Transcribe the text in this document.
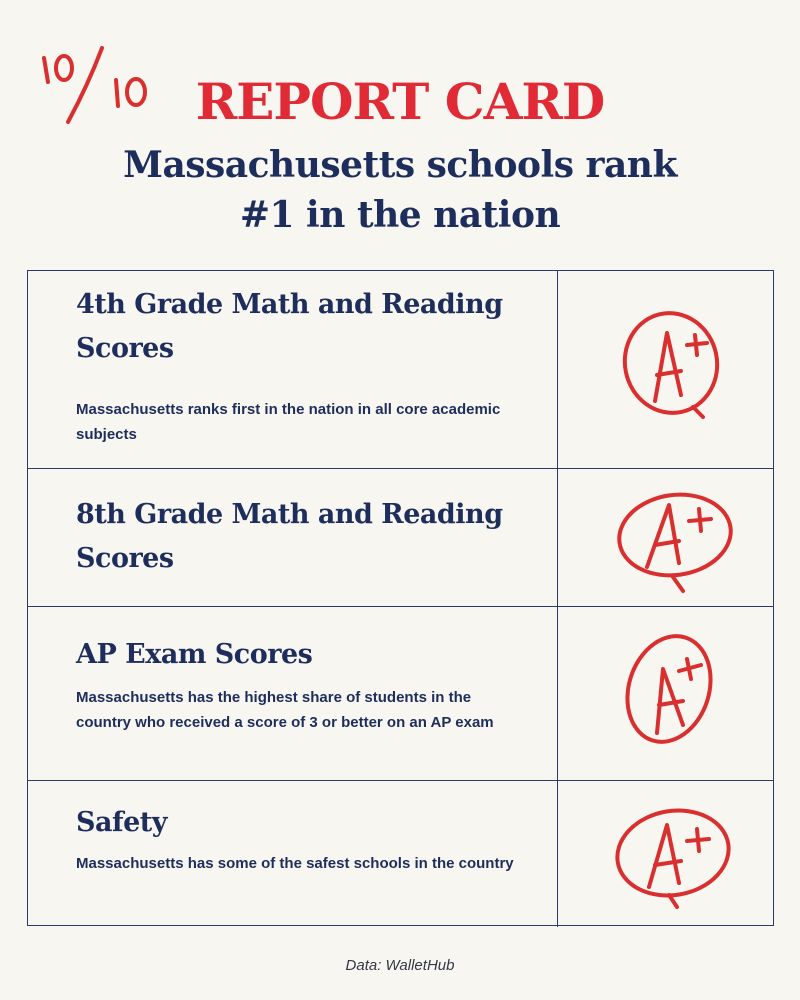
REPORT CARD
Massachusetts schools rank #1 in the nation
4th Grade Math and Reading Scores
Massachusetts ranks first in the nation in all core academic subjects
8th Grade Math and Reading Scores
AP Exam Scores
Massachusetts has the highest share of students in the country who received a score of 3 or better on an AP exam
Safety
Massachusetts has some of the safest schools in the country
Data: WalletHub
